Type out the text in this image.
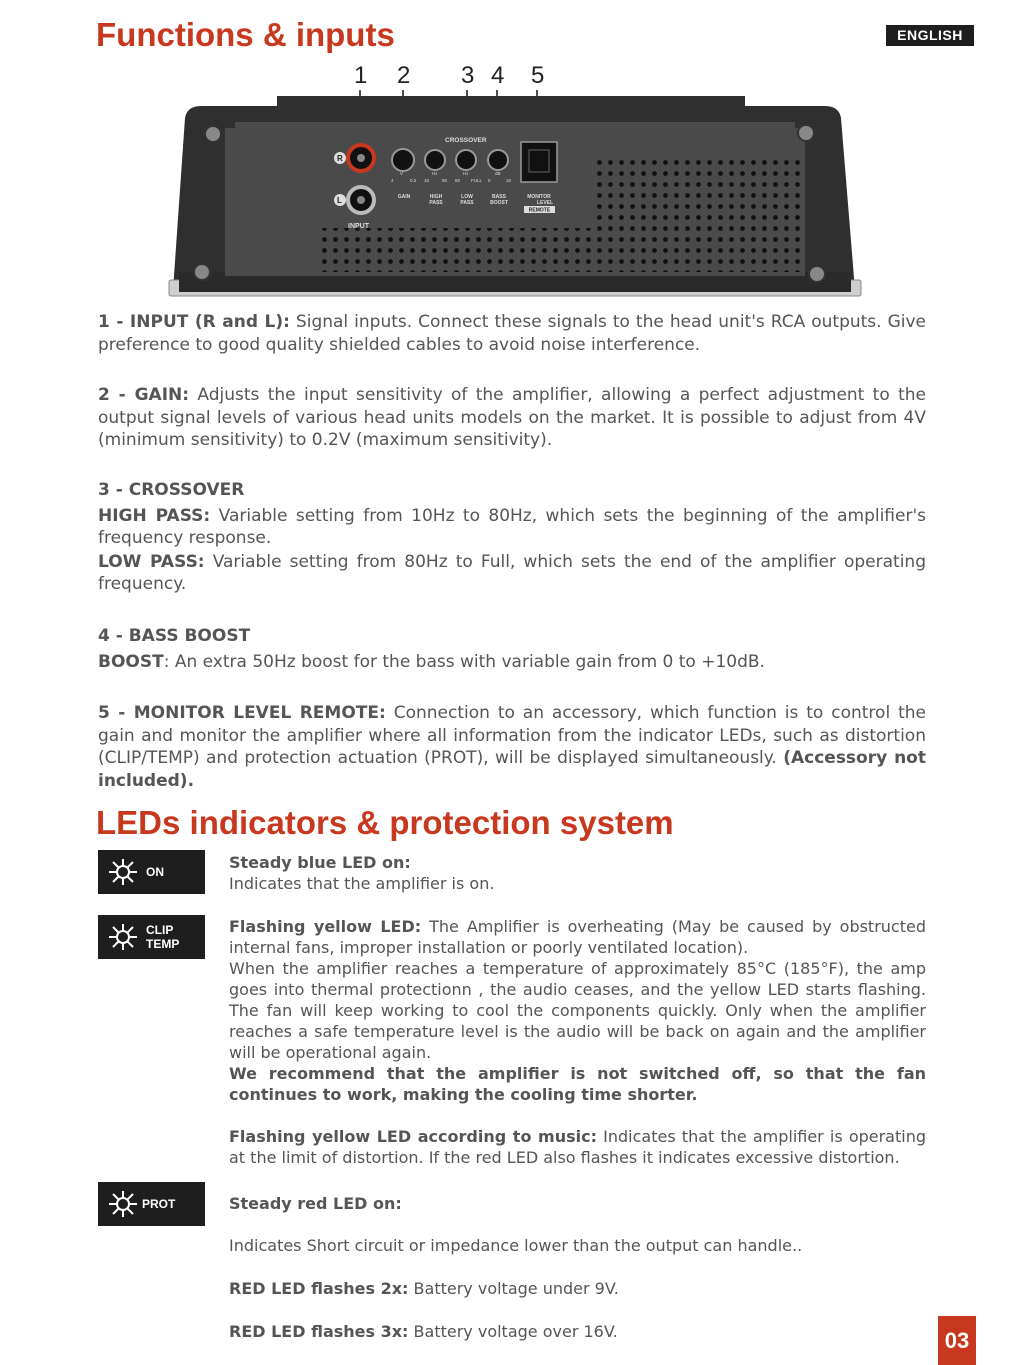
Functions & inputs	ENGLISH
1 2 3 4 5
R
L
INPUT
CROSSOVER
4
V
0.2 10
Hz
80 80
Hz
FULL 0
dB
10
GAIN	HIGH
PASS
LOW
PASS
BASS
BOOST
MONITOR
LEVEL
REMOTE

1 - INPUT (R and L): Signal inputs. Connect these signals to the head unit's RCA outputs. Give preference to good quality shielded cables to avoid noise interference.

2 - GAIN: Adjusts the input sensitivity of the amplifier, allowing a perfect adjustment to the output signal levels of various head units models on the market. It is possible to adjust from 4V (minimum sensitivity) to 0.2V (maximum sensitivity).

3 - CROSSOVER
HIGH PASS: Variable setting from 10Hz to 80Hz, which sets the beginning of the amplifier's frequency response.
LOW PASS: Variable setting from 80Hz to Full, which sets the end of the amplifier operating frequency.
4 - BASS BOOST
BOOST: An extra 50Hz boost for the bass with variable gain from 0 to +10dB.

5 - MONITOR LEVEL REMOTE: Connection to an accessory, which function is to control the gain and monitor the amplifier where all information from the indicator LEDs, such as distortion (CLIP/TEMP) and protection actuation (PROT), will be displayed simultaneously. (Accessory not included).

LEDs indicators & protection system
ON
CLIP
TEMP
PROT
Steady blue LED on:
Indicates that the amplifier is on.
Flashing yellow LED: The Amplifier is overheating (May be caused by obstructed internal fans, improper installation or poorly ventilated location).
When the amplifier reaches a temperature of approximately 85°C (185°F), the amp goes into thermal protectionn , the audio ceases, and the yellow LED starts flashing. The fan will keep working to cool the components quickly. Only when the amplifier reaches a safe temperature level is the audio will be back on again and the amplifier will be operational again.
We recommend that the amplifier is not switched off, so that the fan continues to work, making the cooling time shorter.
Flashing yellow LED according to music: Indicates that the amplifier is operating at the limit of distortion. If the red LED also flashes it indicates excessive distortion.
Steady red LED on:
Indicates Short circuit or impedance lower than the output can handle..
RED LED flashes 2x: Battery voltage under 9V.
RED LED flashes 3x: Battery voltage over 16V.	03
